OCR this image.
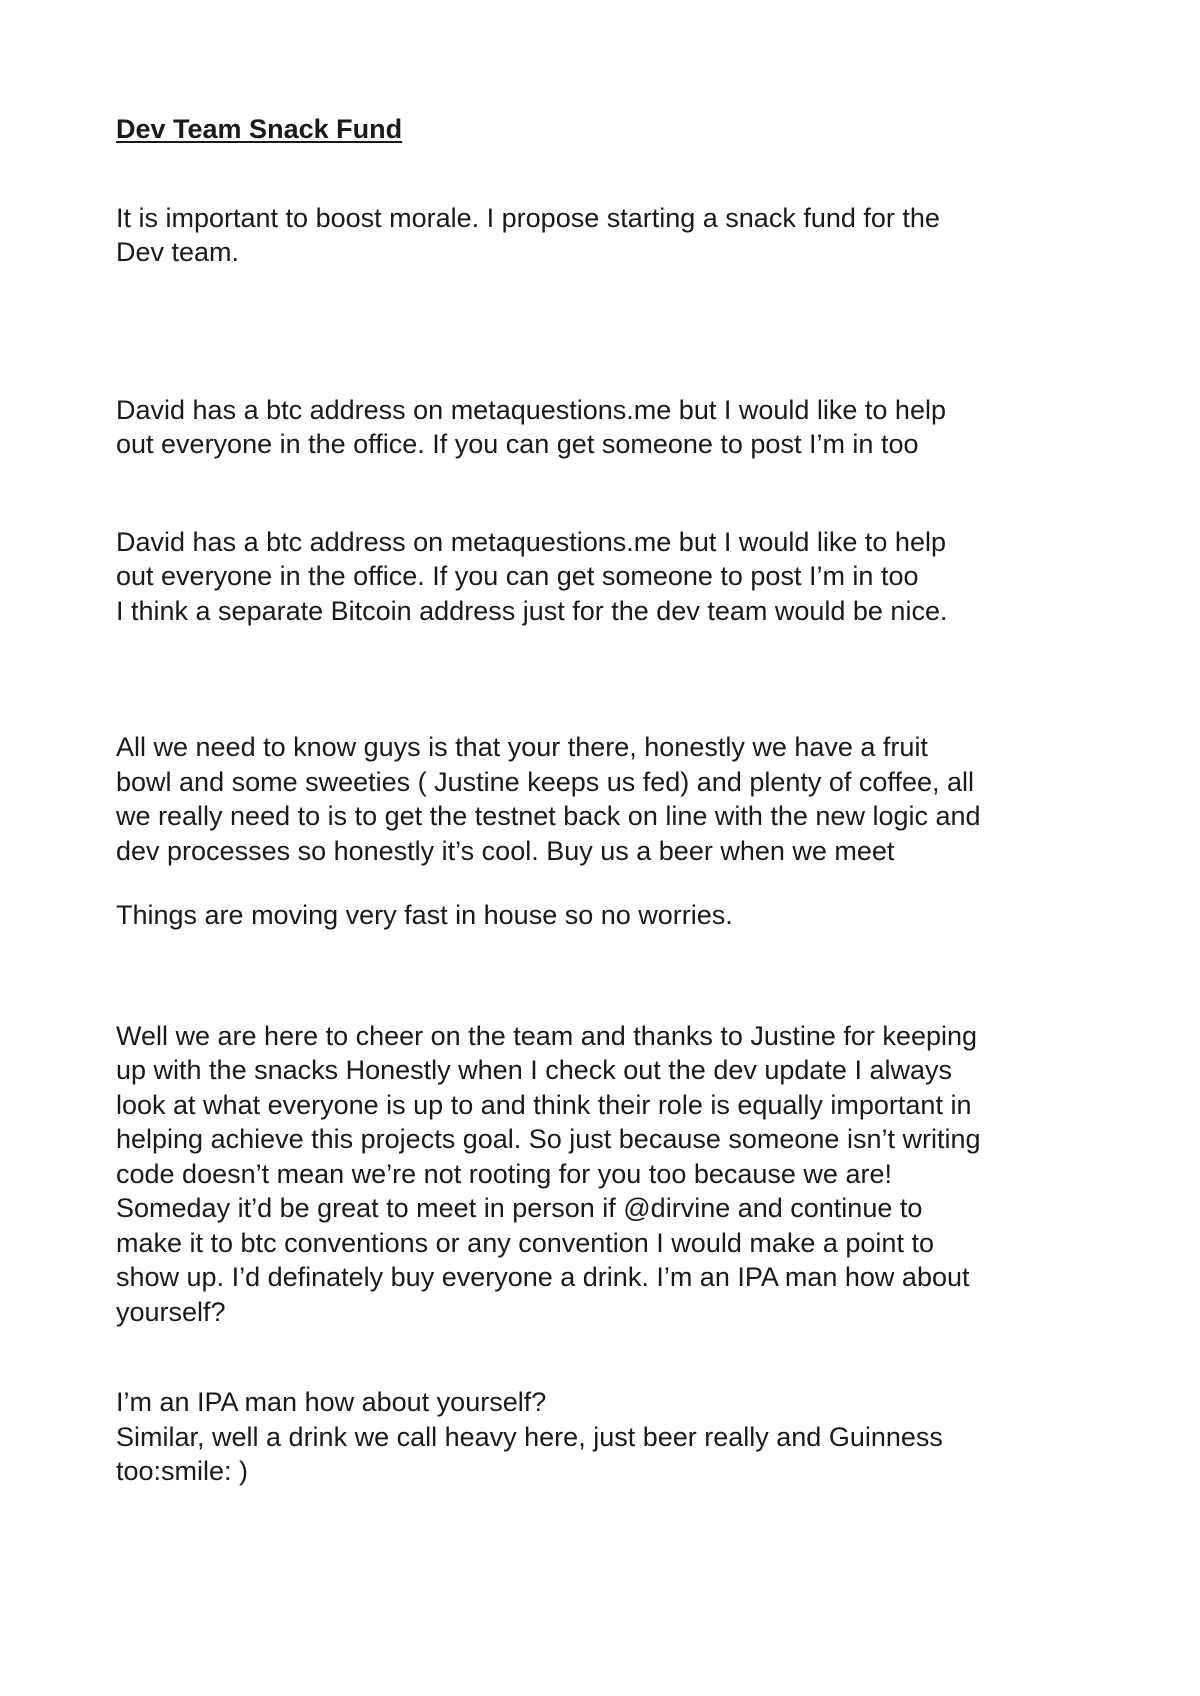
Dev Team Snack Fund
It is important to boost morale. I propose starting a snack fund for the
Dev team.
David has a btc address on metaquestions.me but I would like to help
out everyone in the office. If you can get someone to post I’m in too
David has a btc address on metaquestions.me but I would like to help
out everyone in the office. If you can get someone to post I’m in too
I think a separate Bitcoin address just for the dev team would be nice.
All we need to know guys is that your there, honestly we have a fruit
bowl and some sweeties ( Justine keeps us fed) and plenty of coffee, all
we really need to is to get the testnet back on line with the new logic and
dev processes so honestly it’s cool. Buy us a beer when we meet
Things are moving very fast in house so no worries.
Well we are here to cheer on the team and thanks to Justine for keeping
up with the snacks Honestly when I check out the dev update I always
look at what everyone is up to and think their role is equally important in
helping achieve this projects goal. So just because someone isn’t writing
code doesn’t mean we’re not rooting for you too because we are!
Someday it’d be great to meet in person if @dirvine and continue to
make it to btc conventions or any convention I would make a point to
show up. I’d definately buy everyone a drink. I’m an IPA man how about
yourself?
I’m an IPA man how about yourself?
Similar, well a drink we call heavy here, just beer really and Guinness
too:smile: )
